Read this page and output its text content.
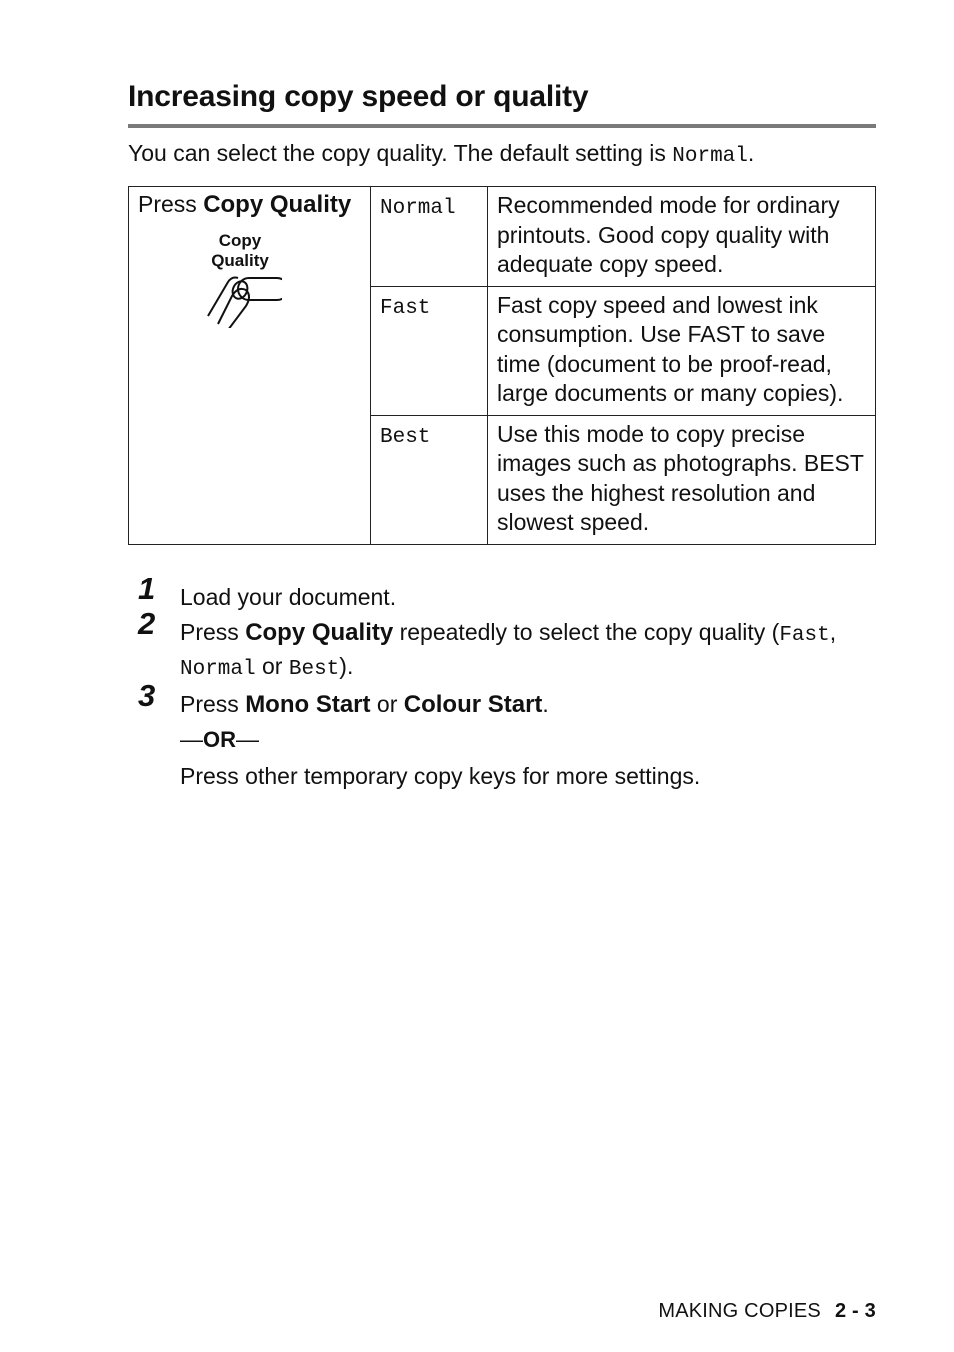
Increasing copy speed or quality

You can select the copy quality. The default setting is Normal.

Press Copy Quality
Copy
Quality	Normal	Recommended mode for ordinary printouts. Good copy quality with adequate copy speed.
	Fast	Fast copy speed and lowest ink consumption. Use FAST to save time (document to be proof-read, large documents or many copies).
	Best	Use this mode to copy precise images such as photographs. BEST uses the highest resolution and slowest speed.
1 Load your document.
2 Press Copy Quality repeatedly to select the copy quality (Fast, Normal or Best).
3 Press Mono Start or Colour Start.
—OR—
Press other temporary copy keys for more settings.
MAKING COPIES 2 - 3
